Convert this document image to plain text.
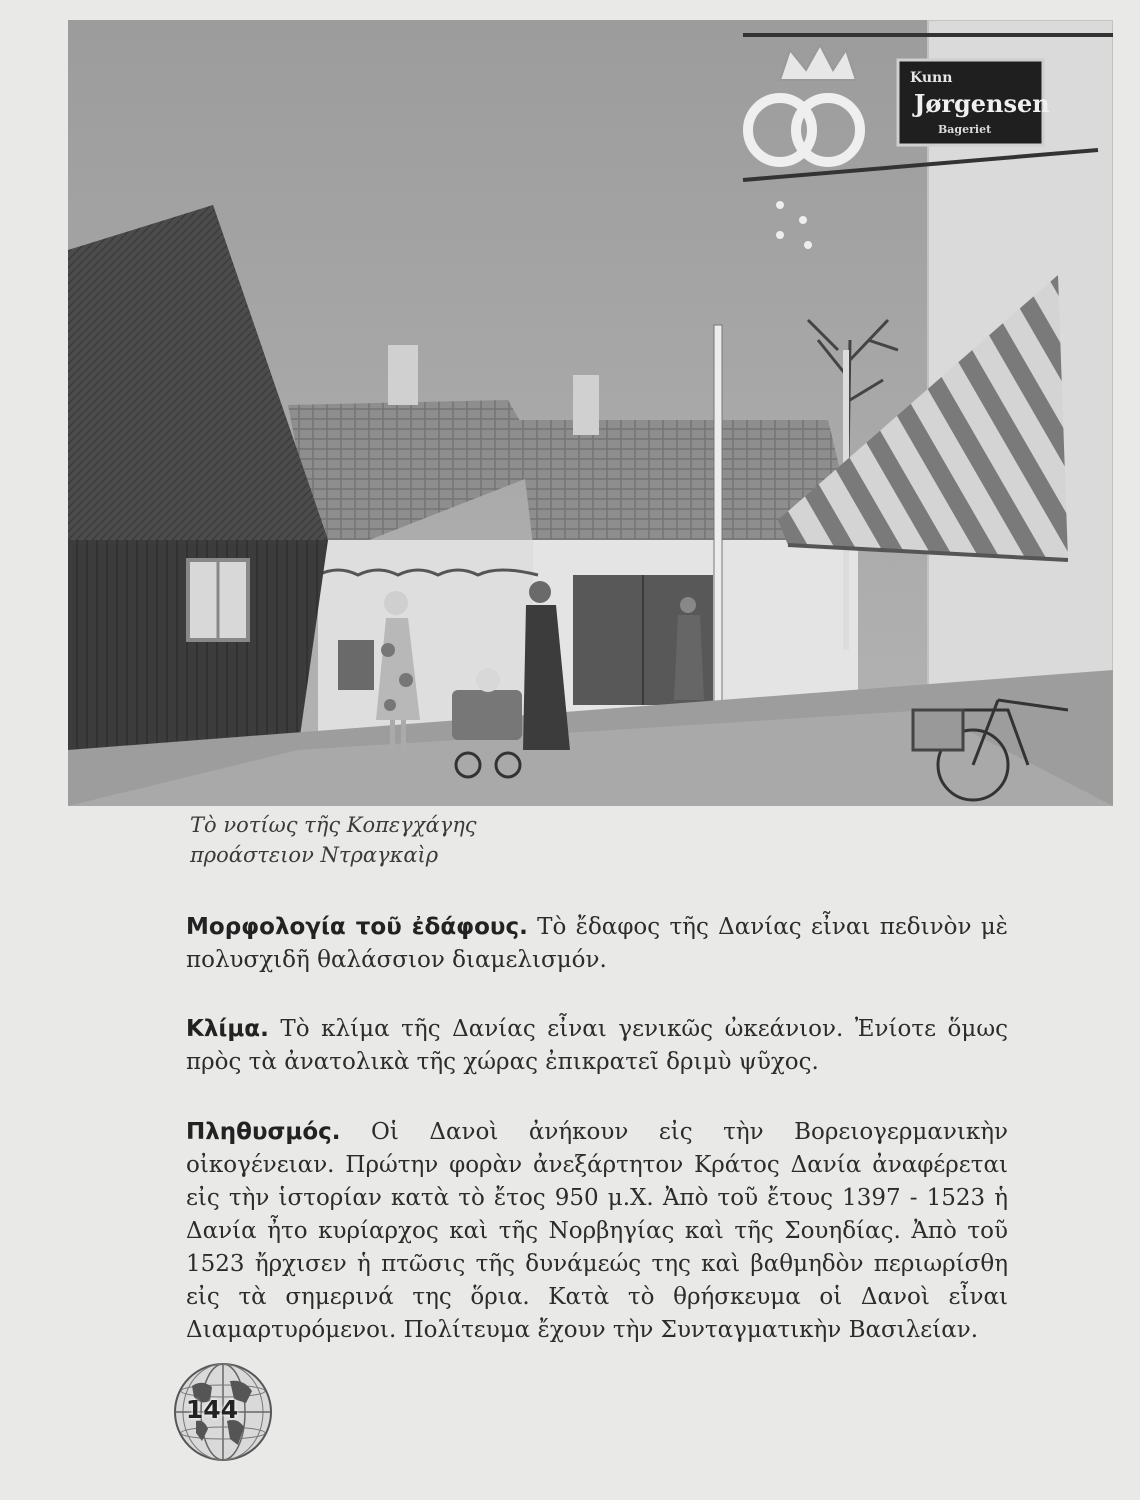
Kunn
Jørgensen
Bageriet
Τὸ νοτίως τῆς Κοπεγχάγης
προάστειον Ντραγκαὶρ
Μορφολογία τοῦ ἐδάφους. Τὸ ἔδαφος τῆς Δανίας εἶναι πεδινὸν μὲ πολυσχιδῆ θαλάσσιον διαμελισμόν.
Κλίμα. Τὸ κλίμα τῆς Δανίας εἶναι γενικῶς ὠκεάνιον. Ἐνίοτε ὅμως πρὸς τὰ ἀνατολικὰ τῆς χώρας ἐπικρατεῖ δριμὺ ψῦχος.
Πληθυσμός. Οἱ Δανοὶ ἀνήκουν εἰς τὴν Βορειογερμανικὴν οἰκογένειαν. Πρώτην φορὰν ἀνεξάρτητον Κράτος Δανία ἀναφέρεται εἰς τὴν ἱστορίαν κατὰ τὸ ἔτος 950 μ.Χ. Ἀπὸ τοῦ ἔτους 1397 - 1523 ἡ Δανία ἦτο κυρίαρχος καὶ τῆς Νορβηγίας καὶ τῆς Σουηδίας. Ἀπὸ τοῦ 1523 ἤρχισεν ἡ πτῶσις τῆς δυνάμεώς της καὶ βαθμηδὸν περιωρίσθη εἰς τὰ σημερινά της ὅρια. Κατὰ τὸ θρήσκευμα οἱ Δανοὶ εἶναι Διαμαρτυρόμενοι. Πολίτευμα ἔχουν τὴν Συνταγματικὴν Βασιλείαν.
144
